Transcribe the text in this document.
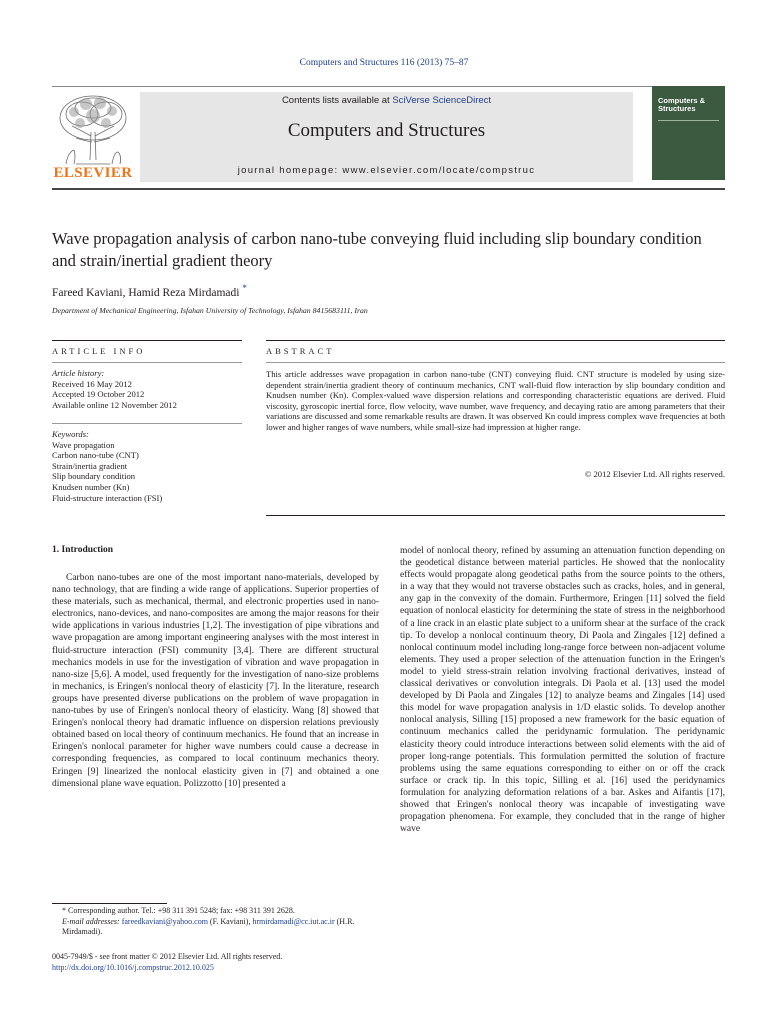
Computers and Structures 116 (2013) 75–87
ELSEVIER
Contents lists available at SciVerse ScienceDirect
Computers and Structures
journal homepage: www.elsevier.com/locate/compstruc
Computers & Structures
Wave propagation analysis of carbon nano-tube conveying fluid including slip boundary condition and strain/inertial gradient theory
Fareed Kaviani, Hamid Reza Mirdamadi *
Department of Mechanical Engineering, Isfahan University of Technology, Isfahan 8415683111, Iran
ARTICLE INFO	ABSTRACT
Article history:
Received 16 May 2012
Accepted 19 October 2012
Available online 12 November 2012
Keywords:
Wave propagation
Carbon nano-tube (CNT)
Strain/inertia gradient
Slip boundary condition
Knudsen number (Kn)
Fluid-structure interaction (FSI)
This article addresses wave propagation in carbon nano-tube (CNT) conveying fluid. CNT structure is modeled by using size-dependent strain/inertia gradient theory of continuum mechanics, CNT wall-fluid flow interaction by slip boundary condition and Knudsen number (Kn). Complex-valued wave dispersion relations and corresponding characteristic equations are derived. Fluid viscosity, gyroscopic inertial force, flow velocity, wave number, wave frequency, and decaying ratio are among parameters that their variations are discussed and some remarkable results are drawn. It was observed Kn could impress complex wave frequencies at both lower and higher ranges of wave numbers, while small-size had impression at higher range.
© 2012 Elsevier Ltd. All rights reserved.
1. Introduction

Carbon nano-tubes are one of the most important nano-materials, developed by nano technology, that are finding a wide range of applications. Superior properties of these materials, such as mechanical, thermal, and electronic properties used in nano-electronics, nano-devices, and nano-composites are among the major reasons for their wide applications in various industries [1,2]. The investigation of pipe vibrations and wave propagation are among important engineering analyses with the most interest in fluid-structure interaction (FSI) community [3,4]. There are different structural mechanics models in use for the investigation of vibration and wave propagation in nano-size [5,6]. A model, used frequently for the investigation of nano-size problems in mechanics, is Eringen's nonlocal theory of elasticity [7]. In the literature, research groups have presented diverse publications on the problem of wave propagation in nano-tubes by use of Eringen's nonlocal theory of elasticity. Wang [8] showed that Eringen's nonlocal theory had dramatic influence on dispersion relations previously obtained based on local theory of continuum mechanics. He found that an increase in Eringen's nonlocal parameter for higher wave numbers could cause a decrease in corresponding frequencies, as compared to local continuum mechanics theory. Eringen [9] linearized the nonlocal elasticity given in [7] and obtained a one dimensional plane wave equation. Polizzotto [10] presented a

model of nonlocal theory, refined by assuming an attenuation function depending on the geodetical distance between material particles. He showed that the nonlocality effects would propagate along geodetical paths from the source points to the others, in a way that they would not traverse obstacles such as cracks, holes, and in general, any gap in the convexity of the domain. Furthermore, Eringen [11] solved the field equation of nonlocal elasticity for determining the state of stress in the neighborhood of a line crack in an elastic plate subject to a uniform shear at the surface of the crack tip. To develop a nonlocal continuum theory, Di Paola and Zingales [12] defined a nonlocal continuum model including long-range force between non-adjacent volume elements. They used a proper selection of the attenuation function in the Eringen's model to yield stress-strain relation involving fractional derivatives, instead of classical derivatives or convolution integrals. Di Paola et al. [13] used the model developed by Di Paola and Zingales [12] to analyze beams and Zingales [14] used this model for wave propagation analysis in 1/D elastic solids. To develop another nonlocal analysis, Silling [15] proposed a new framework for the basic equation of continuum mechanics called the peridynamic formulation. The peridynamic elasticity theory could introduce interactions between solid elements with the aid of proper long-range potentials. This formulation permitted the solution of fracture problems using the same equations corresponding to either on or off the crack surface or crack tip. In this topic, Silling et al. [16] used the peridynamics formulation for analyzing deformation relations of a bar. Askes and Aifantis [17], showed that Eringen's nonlocal theory was incapable of investigating wave propagation phenomena. For example, they concluded that in the range of higher wave

* Corresponding author. Tel.: +98 311 391 5248; fax: +98 311 391 2628.
E-mail addresses: fareedkaviani@yahoo.com (F. Kaviani), hrmirdamadi@cc.iut.ac.ir (H.R. Mirdamadi).
0045-7949/$ - see front matter © 2012 Elsevier Ltd. All rights reserved.
http://dx.doi.org/10.1016/j.compstruc.2012.10.025
